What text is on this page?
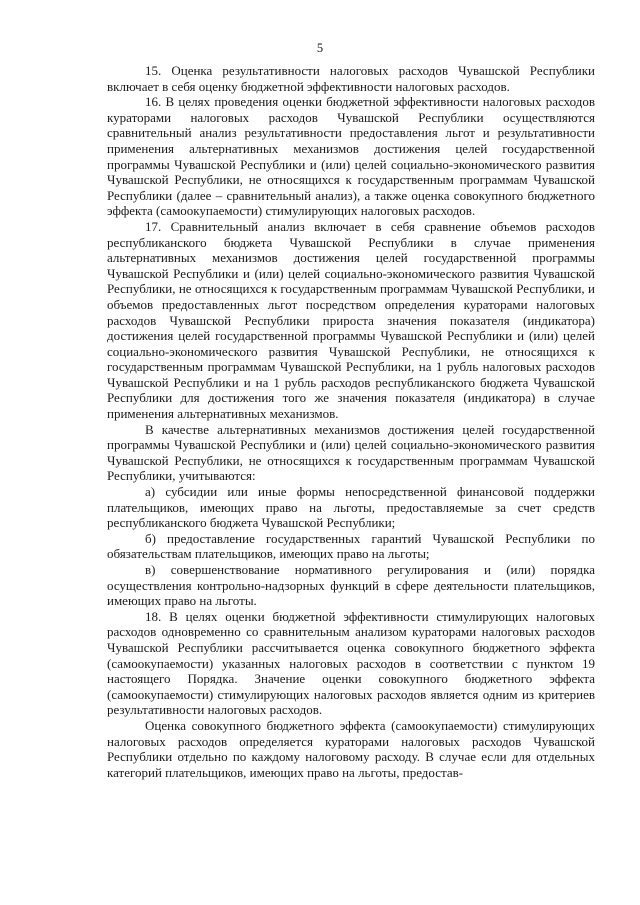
5

15. Оценка результативности налоговых расходов Чувашской Республики включает в себя оценку бюджетной эффективности налоговых расходов.

16. В целях проведения оценки бюджетной эффективности налоговых расходов кураторами налоговых расходов Чувашской Республики осуществляются сравнительный анализ результативности предоставления льгот и результативности применения альтернативных механизмов достижения целей государственной программы Чувашской Республики и (или) целей социально-экономического развития Чувашской Республики, не относящихся к государственным программам Чувашской Республики (далее – сравнительный анализ), а также оценка совокупного бюджетного эффекта (самоокупаемости) стимулирующих налоговых расходов.

17. Сравнительный анализ включает в себя сравнение объемов расходов республиканского бюджета Чувашской Республики в случае применения альтернативных механизмов достижения целей государственной программы Чувашской Республики и (или) целей социально-экономического развития Чувашской Республики, не относящихся к государственным программам Чувашской Республики, и объемов предоставленных льгот посредством определения кураторами налоговых расходов Чувашской Республики прироста значения показателя (индикатора) достижения целей государственной программы Чувашской Республики и (или) целей социально-экономического развития Чувашской Республики, не относящихся к государственным программам Чувашской Республики, на 1 рубль налоговых расходов Чувашской Республики и на 1 рубль расходов республиканского бюджета Чувашской Республики для достижения того же значения показателя (индикатора) в случае применения альтернативных механизмов.

В качестве альтернативных механизмов достижения целей государственной программы Чувашской Республики и (или) целей социально-экономического развития Чувашской Республики, не относящихся к государственным программам Чувашской Республики, учитываются:

а) субсидии или иные формы непосредственной финансовой поддержки плательщиков, имеющих право на льготы, предоставляемые за счет средств республиканского бюджета Чувашской Республики;

б) предоставление государственных гарантий Чувашской Республики по обязательствам плательщиков, имеющих право на льготы;

в) совершенствование нормативного регулирования и (или) порядка осуществления контрольно-надзорных функций в сфере деятельности плательщиков, имеющих право на льготы.

18. В целях оценки бюджетной эффективности стимулирующих налоговых расходов одновременно со сравнительным анализом кураторами налоговых расходов Чувашской Республики рассчитывается оценка совокупного бюджетного эффекта (самоокупаемости) указанных налоговых расходов в соответствии с пунктом 19 настоящего Порядка. Значение оценки совокупного бюджетного эффекта (самоокупаемости) стимулирующих налоговых расходов является одним из критериев результативности налоговых расходов.

Оценка совокупного бюджетного эффекта (самоокупаемости) стимулирующих налоговых расходов определяется кураторами налоговых расходов Чувашской Республики отдельно по каждому налоговому расходу. В случае если для отдельных категорий плательщиков, имеющих право на льготы, предостав-
